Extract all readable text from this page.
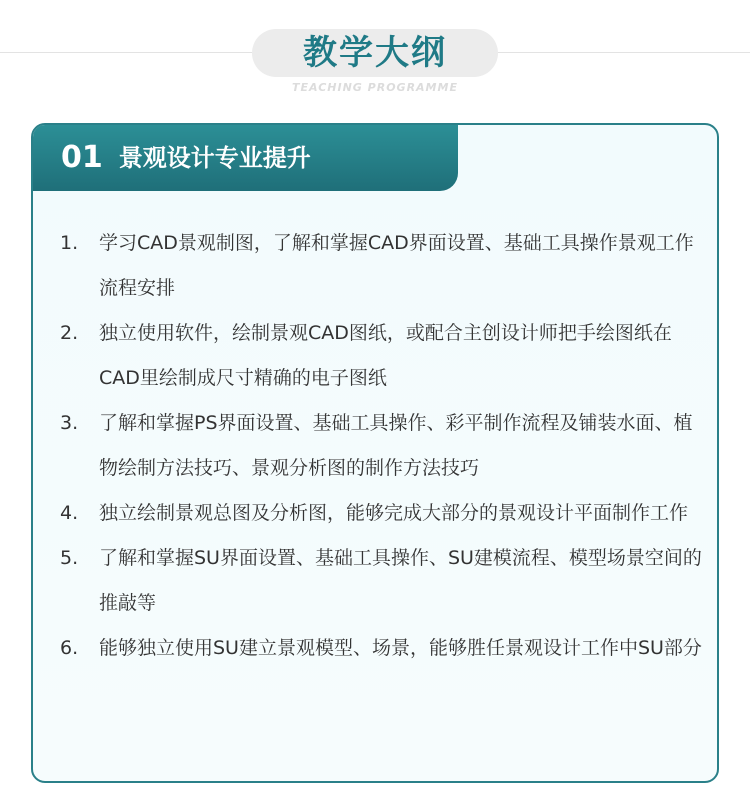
教学大纲
TEACHING PROGRAMME
01 景观设计专业提升
1. 学习CAD景观制图，了解和掌握CAD界面设置、基础工具操作景观工作流程安排
2. 独立使用软件，绘制景观CAD图纸，或配合主创设计师把手绘图纸在CAD里绘制成尺寸精确的电子图纸
3. 了解和掌握PS界面设置、基础工具操作、彩平制作流程及铺装水面、植物绘制方法技巧、景观分析图的制作方法技巧
4. 独立绘制景观总图及分析图，能够完成大部分的景观设计平面制作工作
5. 了解和掌握SU界面设置、基础工具操作、SU建模流程、模型场景空间的推敲等
6. 能够独立使用SU建立景观模型、场景，能够胜任景观设计工作中SU部分
